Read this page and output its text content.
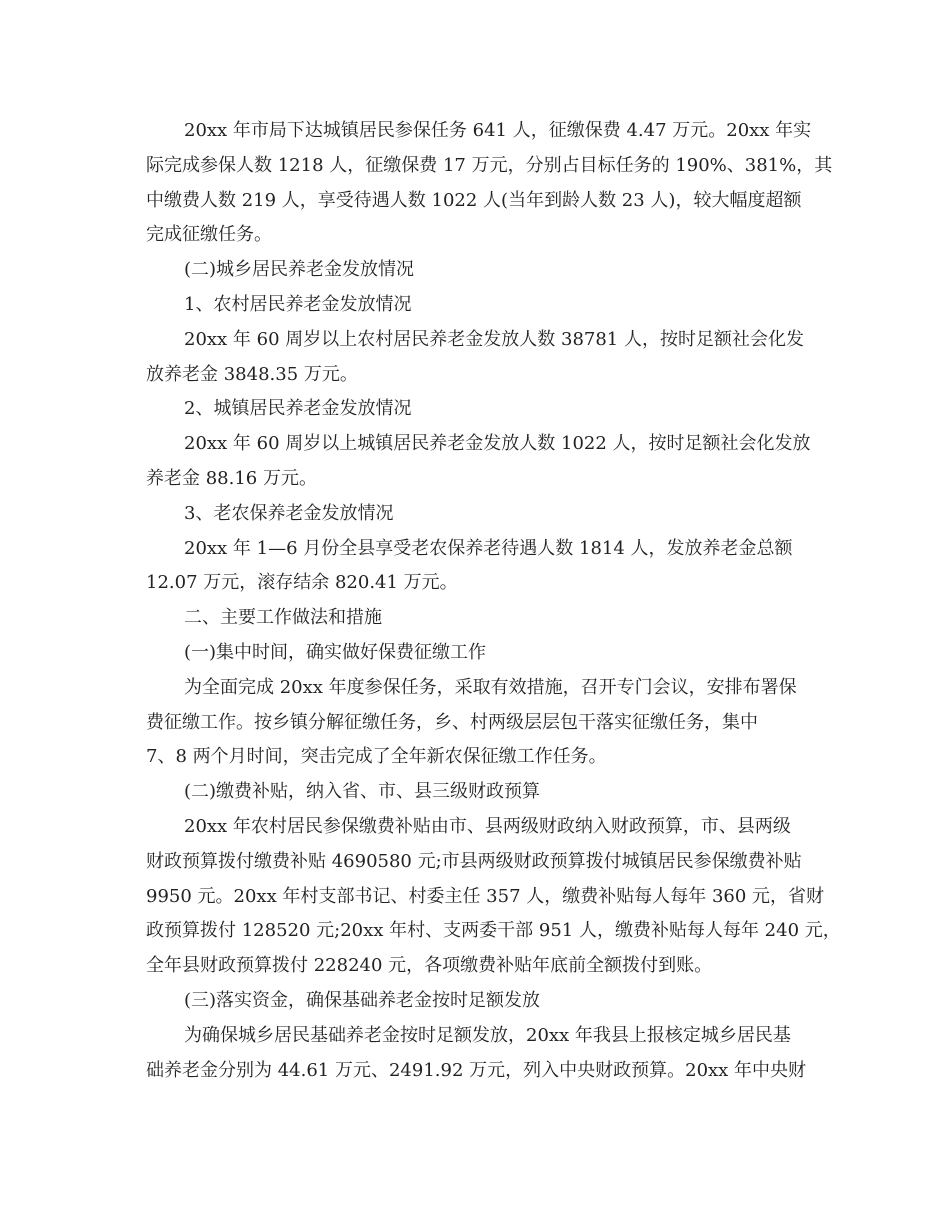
20xx 年市局下达城镇居民参保任务 641 人，征缴保费 4.47 万元。20xx 年实
际完成参保人数 1218 人，征缴保费 17 万元，分别占目标任务的 190%、381%，其
中缴费人数 219 人，享受待遇人数 1022 人(当年到龄人数 23 人)，较大幅度超额
完成征缴任务。
(二)城乡居民养老金发放情况
1、农村居民养老金发放情况
20xx 年 60 周岁以上农村居民养老金发放人数 38781 人，按时足额社会化发
放养老金 3848.35 万元。
2、城镇居民养老金发放情况
20xx 年 60 周岁以上城镇居民养老金发放人数 1022 人，按时足额社会化发放
养老金 88.16 万元。
3、老农保养老金发放情况
20xx 年 1—6 月份全县享受老农保养老待遇人数 1814 人，发放养老金总额
12.07 万元，滚存结余 820.41 万元。
二、主要工作做法和措施
(一)集中时间，确实做好保费征缴工作
为全面完成 20xx 年度参保任务，采取有效措施，召开专门会议，安排布署保
费征缴工作。按乡镇分解征缴任务，乡、村两级层层包干落实征缴任务，集中
7、8 两个月时间，突击完成了全年新农保征缴工作任务。
(二)缴费补贴，纳入省、市、县三级财政预算
20xx 年农村居民参保缴费补贴由市、县两级财政纳入财政预算，市、县两级
财政预算拨付缴费补贴 4690580 元;市县两级财政预算拨付城镇居民参保缴费补贴
9950 元。20xx 年村支部书记、村委主任 357 人，缴费补贴每人每年 360 元，省财
政预算拨付 128520 元;20xx 年村、支两委干部 951 人，缴费补贴每人每年 240 元，
全年县财政预算拨付 228240 元，各项缴费补贴年底前全额拨付到账。
(三)落实资金，确保基础养老金按时足额发放
为确保城乡居民基础养老金按时足额发放，20xx 年我县上报核定城乡居民基
础养老金分别为 44.61 万元、2491.92 万元，列入中央财政预算。20xx 年中央财
